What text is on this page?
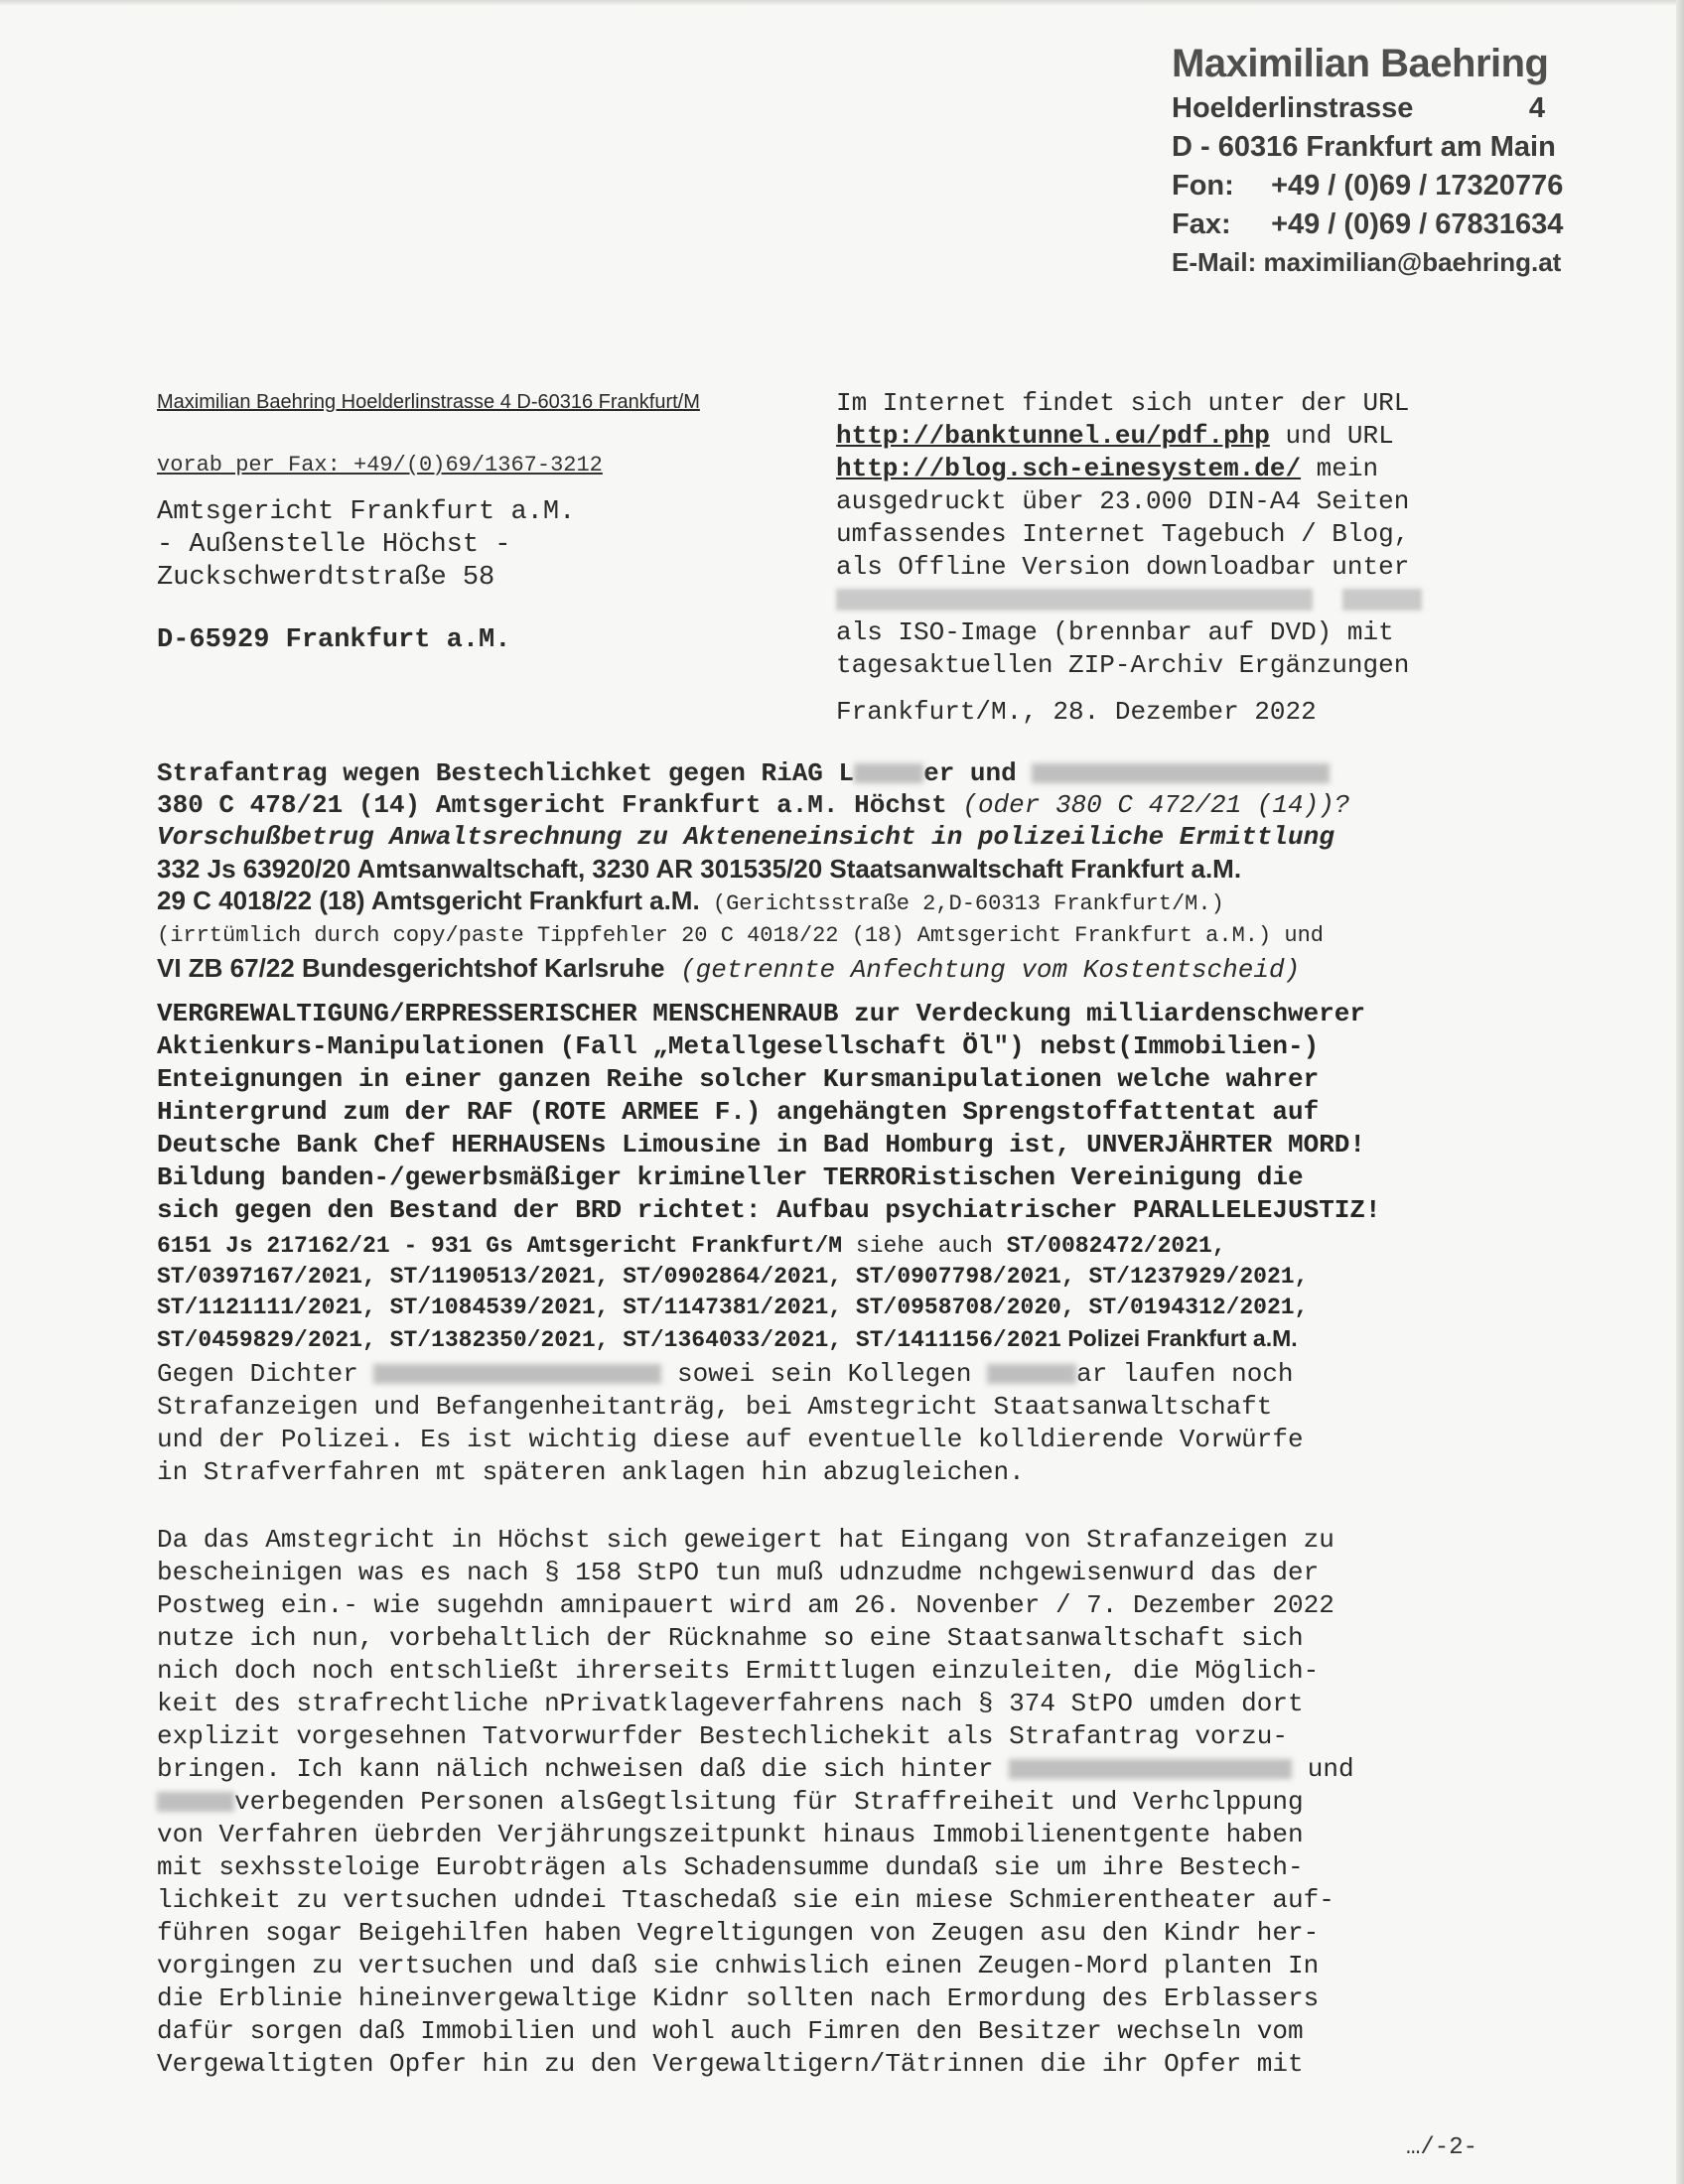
Maximilian Baehring
Hoelderlinstrasse	4
D - 60316 Frankfurt am Main
Fon: +49 / (0)69 / 17320776
Fax: +49 / (0)69 / 67831634
E-Mail: maximilian@baehring.at
Maximilian Baehring Hoelderlinstrasse 4 D-60316 Frankfurt/M
vorab per Fax: +49/(0)69/1367-3212
Amtsgericht Frankfurt a.M.
- Außenstelle Höchst -
Zuckschwerdtstraße 58
D-65929 Frankfurt a.M.
Im Internet findet sich unter der URL
http://banktunnel.eu/pdf.php und URL
http://blog.sch-einesystem.de/ mein
ausgedruckt über 23.000 DIN-A4 Seiten
umfassendes Internet Tagebuch / Blog,
als Offline Version downloadbar unter

als ISO-Image (brennbar auf DVD) mit
tagesaktuellen ZIP-Archiv Ergänzungen
Frankfurt/M., 28. Dezember 2022
Strafantrag wegen Bestechlichket gegen RiAG L	er und
380 C 478/21 (14) Amtsgericht Frankfurt a.M. Höchst (oder 380 C 472/21 (14))?
Vorschußbetrug Anwaltsrechnung zu Akteneneinsicht in polizeiliche Ermittlung
332 Js 63920/20 Amtsanwaltschaft, 3230 AR 301535/20 Staatsanwaltschaft Frankfurt a.M.
29 C 4018/22 (18) Amtsgericht Frankfurt a.M. (Gerichtsstraße 2,D-60313 Frankfurt/M.)
(irrtümlich durch copy/paste Tippfehler 20 C 4018/22 (18) Amtsgericht Frankfurt a.M.) und
VI ZB 67/22 Bundesgerichtshof Karlsruhe (getrennte Anfechtung vom Kostentscheid)
VERGREWALTIGUNG/ERPRESSERISCHER MENSCHENRAUB zur Verdeckung milliardenschwerer
Aktienkurs-Manipulationen (Fall „Metallgesellschaft Öl") nebst(Immobilien-)
Enteignungen in einer ganzen Reihe solcher Kursmanipulationen welche wahrer
Hintergrund zum der RAF (ROTE ARMEE F.) angehängten Sprengstoffattentat auf
Deutsche Bank Chef HERHAUSENs Limousine in Bad Homburg ist, UNVERJÄHRTER MORD!
Bildung banden-/gewerbsmäßiger krimineller TERRORistischen Vereinigung die
sich gegen den Bestand der BRD richtet: Aufbau psychiatrischer PARALLELEJUSTIZ!
6151 Js 217162/21 - 931 Gs Amtsgericht Frankfurt/M siehe auch ST/0082472/2021,
ST/0397167/2021, ST/1190513/2021, ST/0902864/2021, ST/0907798/2021, ST/1237929/2021,
ST/1121111/2021, ST/1084539/2021, ST/1147381/2021, ST/0958708/2020, ST/0194312/2021,
ST/0459829/2021, ST/1382350/2021, ST/1364033/2021, ST/1411156/2021 Polizei Frankfurt a.M.
Gegen Dichter	sowei sein Kollegen	ar laufen noch
Strafanzeigen und Befangenheitanträg, bei Amstegricht Staatsanwaltschaft
und der Polizei. Es ist wichtig diese auf eventuelle kolldierende Vorwürfe
in Strafverfahren mt späteren anklagen hin abzugleichen.
Da das Amstegricht in Höchst sich geweigert hat Eingang von Strafanzeigen zu
bescheinigen was es nach § 158 StPO tun muß udnzudme nchgewisenwurd das der
Postweg ein.- wie sugehdn amnipauert wird am 26. Novenber / 7. Dezember 2022
nutze ich nun, vorbehaltlich der Rücknahme so eine Staatsanwaltschaft sich
nich doch noch entschließt ihrerseits Ermittlugen einzuleiten, die Möglich-
keit des strafrechtliche nPrivatklageverfahrens nach § 374 StPO umden dort
explizit vorgesehnen Tatvorwurfder Bestechlichekit als Strafantrag vorzu-
bringen. Ich kann nälich nchweisen daß die sich hinter	und
verbegenden Personen alsGegtlsitung für Straffreiheit und Verhclppung
von Verfahren üebrden Verjährungszeitpunkt hinaus Immobilienentgente haben
mit sexhssteloige Eurobträgen als Schadensumme dundaß sie um ihre Bestech-
lichkeit zu vertsuchen udndei Ttaschedaß sie ein miese Schmierentheater auf-
führen sogar Beigehilfen haben Vegreltigungen von Zeugen asu den Kindr her-
vorgingen zu vertsuchen und daß sie cnhwislich einen Zeugen-Mord planten In
die Erblinie hineinvergewaltige Kidnr sollten nach Ermordung des Erblassers
dafür sorgen daß Immobilien und wohl auch Fimren den Besitzer wechseln vom
Vergewaltigten Opfer hin zu den Vergewaltigern/Tätrinnen die ihr Opfer mit
…/-2-
